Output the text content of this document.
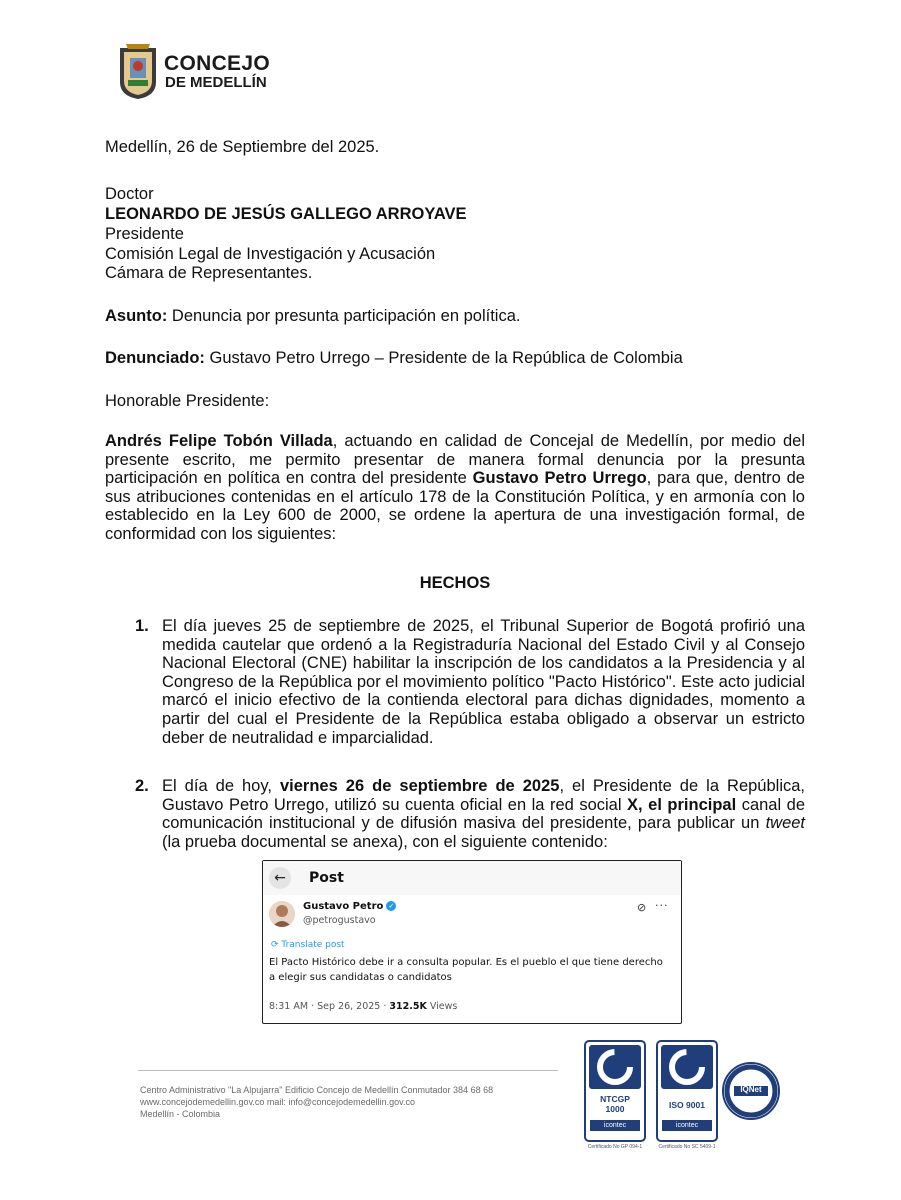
CONCEJO
DE MEDELLÍN
Medellín, 26 de Septiembre del 2025.
Doctor
LEONARDO DE JESÚS GALLEGO ARROYAVE
Presidente
Comisión Legal de Investigación y Acusación
Cámara de Representantes.
Asunto: Denuncia por presunta participación en política.
Denunciado: Gustavo Petro Urrego – Presidente de la República de Colombia
Honorable Presidente:
Andrés Felipe Tobón Villada, actuando en calidad de Concejal de Medellín, por medio del presente escrito, me permito presentar de manera formal denuncia por la presunta participación en política en contra del presidente Gustavo Petro Urrego, para que, dentro de sus atribuciones contenidas en el artículo 178 de la Constitución Política, y en armonía con lo establecido en la Ley 600 de 2000, se ordene la apertura de una investigación formal, de conformidad con los siguientes:
HECHOS
1. El día jueves 25 de septiembre de 2025, el Tribunal Superior de Bogotá profirió una medida cautelar que ordenó a la Registraduría Nacional del Estado Civil y al Consejo Nacional Electoral (CNE) habilitar la inscripción de los candidatos a la Presidencia y al Congreso de la República por el movimiento político "Pacto Histórico". Este acto judicial marcó el inicio efectivo de la contienda electoral para dichas dignidades, momento a partir del cual el Presidente de la República estaba obligado a observar un estricto deber de neutralidad e imparcialidad.
2. El día de hoy, viernes 26 de septiembre de 2025, el Presidente de la República, Gustavo Petro Urrego, utilizó su cuenta oficial en la red social X, el principal canal de comunicación institucional y de difusión masiva del presidente, para publicar un tweet (la prueba documental se anexa), con el siguiente contenido:
←	Post
Gustavo Petro ✓
@petrogustavo
⊘ ···
⟳ Translate post
El Pacto Histórico debe ir a consulta popular. Es el pueblo el que tiene derecho a elegir sus candidatas o candidatos
8:31 AM · Sep 26, 2025 · 312.5K Views
Centro Administrativo "La Alpujarra" Edificio Concejo de Medellín Conmutador 384 68 68
www.concejodemedellin.gov.co mail: info@concejodemedellin.gov.co
Medellín - Colombia
NTCGP
1000
icontec
Certificado No GP 094-1
ISO 9001
icontec
Certificado No SC 5409-1
IQNet
